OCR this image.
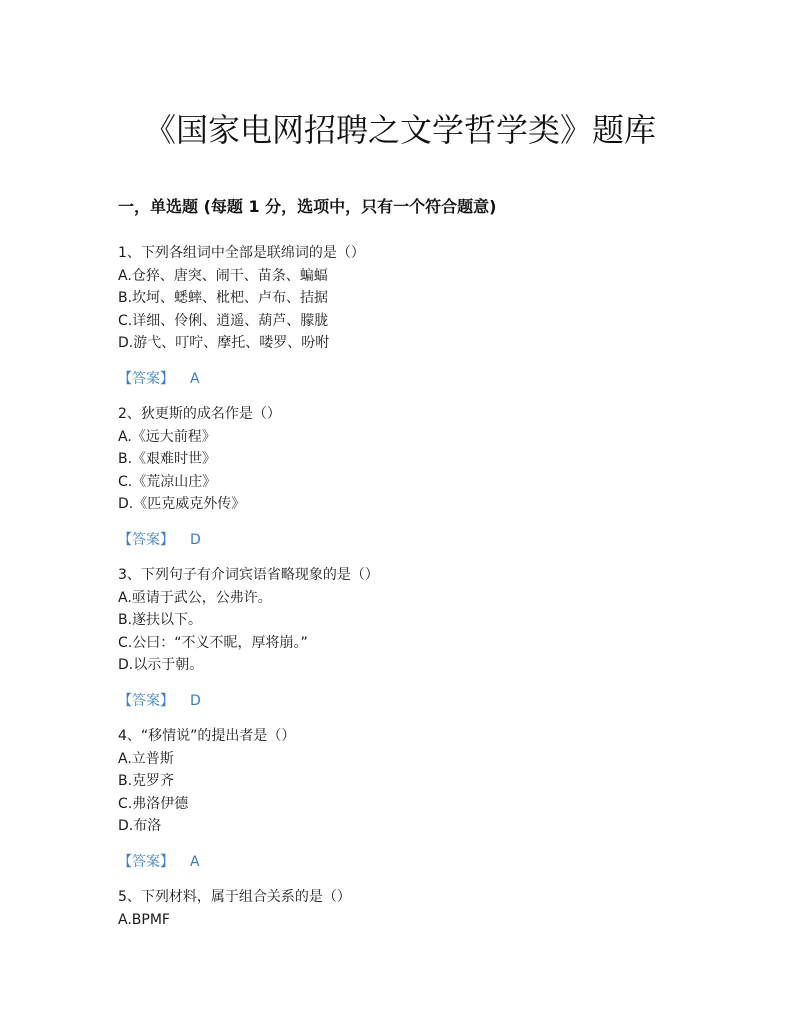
《国家电网招聘之文学哲学类》题库
一，单选题 (每题 1 分，选项中，只有一个符合题意)
1、下列各组词中全部是联绵词的是（）
A.仓猝、唐突、闹干、苗条、蝙蝠
B.坎坷、蟋蟀、枇杷、卢布、拮据
C.详细、伶俐、逍遥、葫芦、朦胧
D.游弋、叮咛、摩托、喽罗、吩咐
【答案】 A
2、狄更斯的成名作是（）
A.《远大前程》
B.《艰难时世》
C.《荒凉山庄》
D.《匹克威克外传》
【答案】 D
3、下列句子有介词宾语省略现象的是（）
A.亟请于武公，公弗许。
B.遂扶以下。
C.公曰：“不义不昵，厚将崩。”
D.以示于朝。
【答案】 D
4、“移情说”的提出者是（）
A.立普斯
B.克罗齐
C.弗洛伊德
D.布洛
【答案】 A
5、下列材料，属于组合关系的是（）
A.BPMF
